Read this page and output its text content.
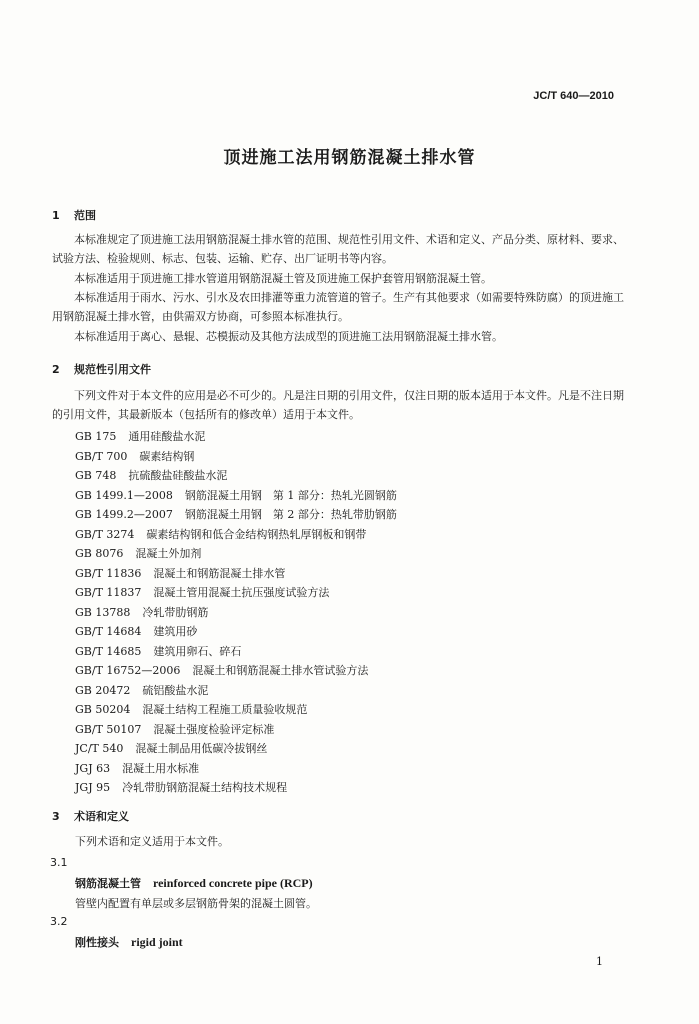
JC/T 640—2010
顶进施工法用钢筋混凝土排水管
1 范围
本标准规定了顶进施工法用钢筋混凝土排水管的范围、规范性引用文件、术语和定义、产品分类、原材料、要求、试验方法、检验规则、标志、包装、运输、贮存、出厂证明书等内容。
本标准适用于顶进施工排水管道用钢筋混凝土管及顶进施工保护套管用钢筋混凝土管。
本标准适用于雨水、污水、引水及农田排灌等重力流管道的管子。生产有其他要求（如需要特殊防腐）的顶进施工用钢筋混凝土排水管，由供需双方协商，可参照本标准执行。
本标准适用于离心、悬辊、芯模振动及其他方法成型的顶进施工法用钢筋混凝土排水管。
2 规范性引用文件
下列文件对于本文件的应用是必不可少的。凡是注日期的引用文件，仅注日期的版本适用于本文件。凡是不注日期的引用文件，其最新版本（包括所有的修改单）适用于本文件。
GB 175 通用硅酸盐水泥
GB/T 700 碳素结构钢
GB 748 抗硫酸盐硅酸盐水泥
GB 1499.1—2008 钢筋混凝土用钢　第 1 部分：热轧光圆钢筋
GB 1499.2—2007 钢筋混凝土用钢　第 2 部分：热轧带肋钢筋
GB/T 3274 碳素结构钢和低合金结构钢热轧厚钢板和钢带
GB 8076 混凝土外加剂
GB/T 11836 混凝土和钢筋混凝土排水管
GB/T 11837 混凝土管用混凝土抗压强度试验方法
GB 13788 冷轧带肋钢筋
GB/T 14684 建筑用砂
GB/T 14685 建筑用卵石、碎石
GB/T 16752—2006 混凝土和钢筋混凝土排水管试验方法
GB 20472 硫铝酸盐水泥
GB 50204 混凝土结构工程施工质量验收规范
GB/T 50107 混凝土强度检验评定标准
JC/T 540 混凝土制品用低碳冷拔钢丝
JGJ 63 混凝土用水标准
JGJ 95 冷轧带肋钢筋混凝土结构技术规程
3 术语和定义
下列术语和定义适用于本文件。
3.1
钢筋混凝土管 reinforced concrete pipe (RCP)
管壁内配置有单层或多层钢筋骨架的混凝土圆管。
3.2
刚性接头 rigid joint
1
